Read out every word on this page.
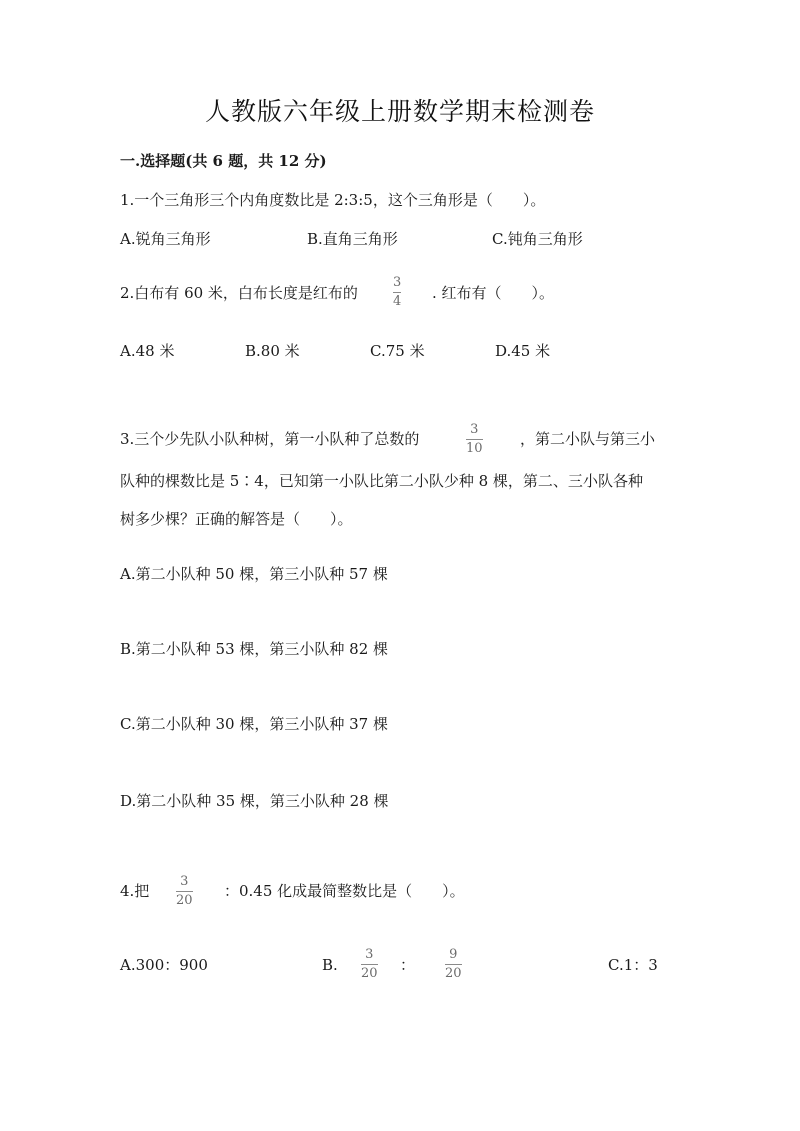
人教版六年级上册数学期末检测卷
一.选择题(共 6 题，共 12 分)
1.一个三角形三个内角度数比是 2:3:5，这个三角形是（　　）。
A.锐角三角形	B.直角三角形	C.钝角三角形
2.白布有 60 米，白布长度是红布的
3
4 . 红布有（　　）。
A.48 米	B.80 米	C.75 米	D.45 米
3.三个少先队小队种树，第一小队种了总数的
3
10
，第二小队与第三小
队种的棵数比是 5∶4，已知第一小队比第二小队少种 8 棵，第二、三小队各种
树多少棵？正确的解答是（　　）。
A.第二小队种 50 棵，第三小队种 57 棵
B.第二小队种 53 棵，第三小队种 82 棵
C.第二小队种 30 棵，第三小队种 37 棵
D.第二小队种 35 棵，第三小队种 28 棵
4.把
3
20
：0.45 化成最简整数比是（　　）。
A.300：900	B.
3
20 ：
9
20	C.1：3
